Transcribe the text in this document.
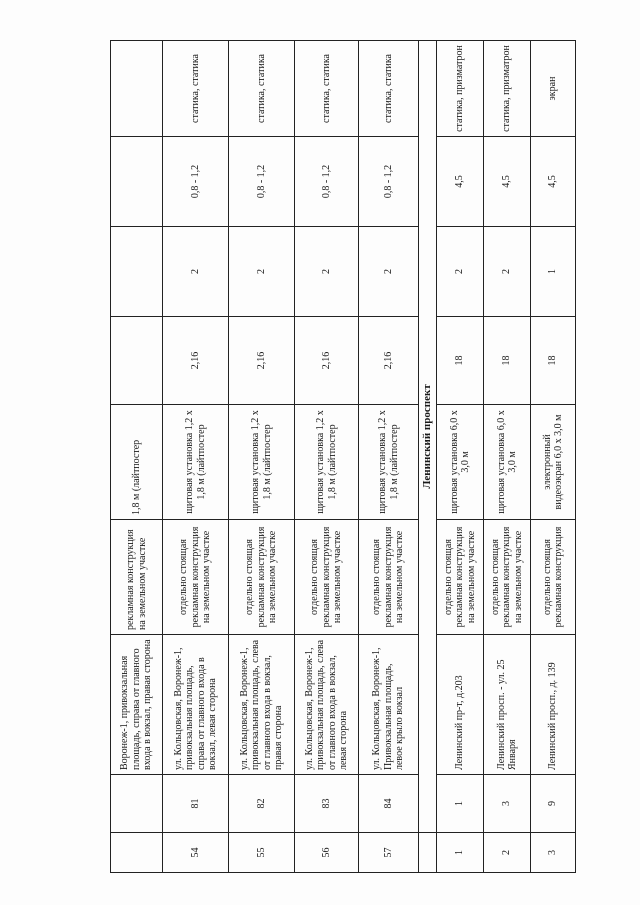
		Воронеж-1, привокзальная площадь, справа от главного входа в вокзал, правая сторона	рекламная конструкция на земельном участке	1,8 м (лайтпостер				
54	81	ул. Кольцовская, Воронеж-1, привокзальная площадь, справа от главного входа в вокзал, левая сторона	отдельно стоящая рекламная конструкция на земельном участке	щитовая установка 1,2 х 1,8 м (лайтпостер	2,16	2	0,8 - 1,2	статика, статика
55	82	ул. Кольцовская, Воронеж-1, привокзальная площадь, слева от главного входа в вокзал, правая сторона	отдельно стоящая рекламная конструкция на земельном участке	щитовая установка 1,2 х 1,8 м (лайтпостер	2,16	2	0,8 - 1,2	статика, статика
56	83	ул. Кольцовская, Воронеж-1, привокзальная площадь, слева от главного входа в вокзал, левая сторона	отдельно стоящая рекламная конструкция на земельном участке	щитовая установка 1,2 х 1,8 м (лайтпостер	2,16	2	0,8 - 1,2	статика, статика
57	84	ул. Кольцовская, Воронеж-1, Привокзальная площадь, левое крыло вокзал	отдельно стоящая рекламная конструкция на земельном участке	щитовая установка 1,2 х 1,8 м (лайтпостер	2,16	2	0,8 - 1,2	статика, статика
	Ленинский проспект							
1	1	Ленинский пр-т, д.203	отдельно стоящая рекламная конструкция на земельном участке	щитовая установка 6,0 х 3,0 м	18	2	4,5	статика, призматрон
2	3	Ленинский просп. - ул. 25 Января	отдельно стоящая рекламная конструкция на земельном участке	щитовая установка 6,0 х 3,0 м	18	2	4,5	статика, призматрон
3	9	Ленинский просп., д. 139	отдельно стоящая рекламная конструкция	электронный видеоэкран 6,0 х 3,0 м	18	1	4,5	экран
